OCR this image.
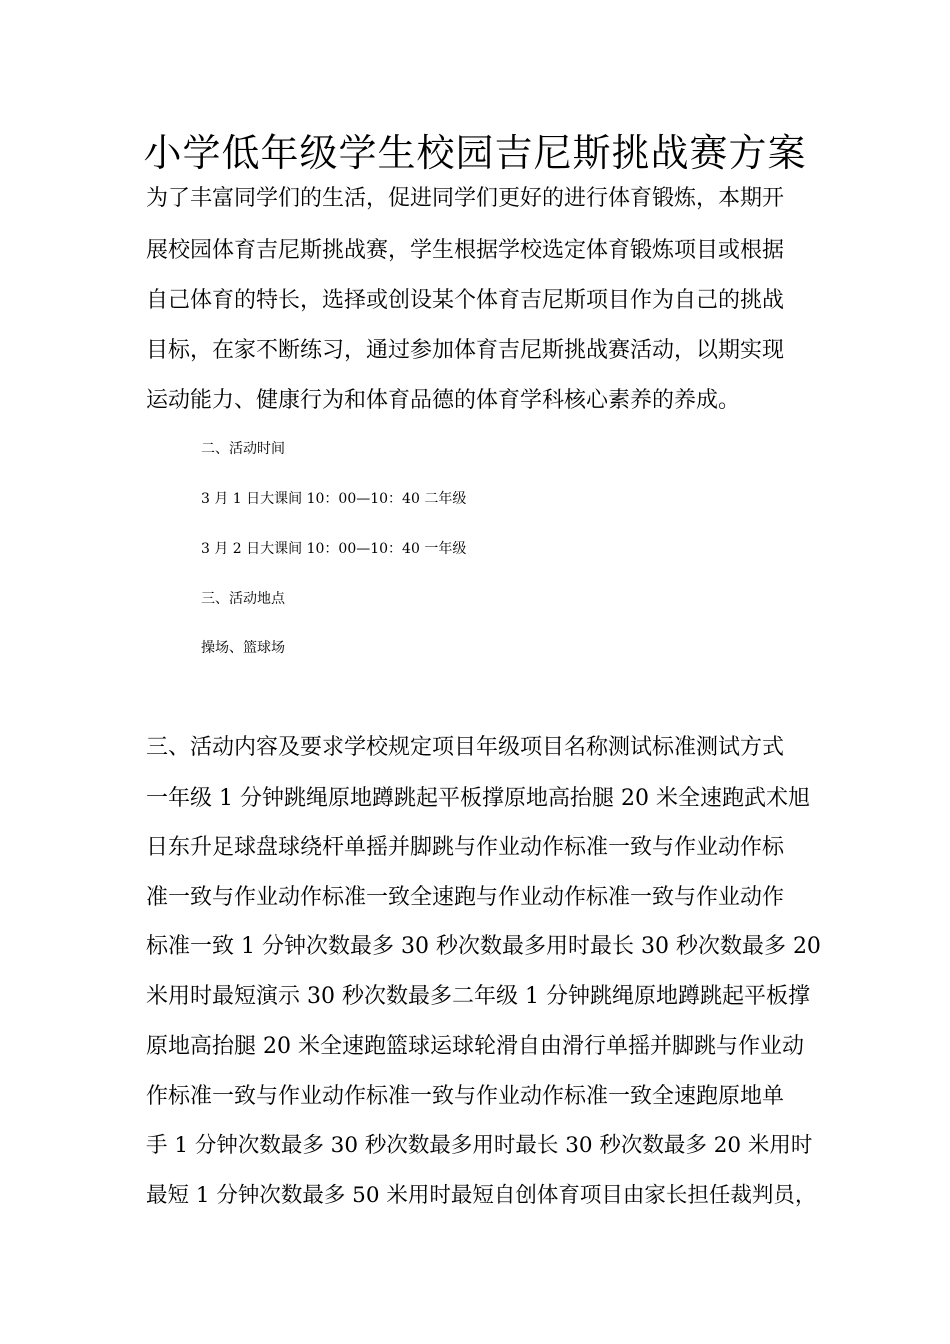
小学低年级学生校园吉尼斯挑战赛方案

为了丰富同学们的生活，促进同学们更好的进行体育锻炼，本期开

展校园体育吉尼斯挑战赛，学生根据学校选定体育锻炼项目或根据

自己体育的特长，选择或创设某个体育吉尼斯项目作为自己的挑战

目标，在家不断练习，通过参加体育吉尼斯挑战赛活动，以期实现

运动能力、健康行为和体育品德的体育学科核心素养的养成。

二、活动时间

3 月 1 日大课间 10：00—10：40 二年级

3 月 2 日大课间 10：00—10：40 一年级

三、活动地点

操场、篮球场

三、活动内容及要求学校规定项目年级项目名称测试标准测试方式

一年级 1 分钟跳绳原地蹲跳起平板撑原地高抬腿 20 米全速跑武术旭

日东升足球盘球绕杆单摇并脚跳与作业动作标准一致与作业动作标

准一致与作业动作标准一致全速跑与作业动作标准一致与作业动作

标准一致 1 分钟次数最多 30 秒次数最多用时最长 30 秒次数最多 20

米用时最短演示 30 秒次数最多二年级 1 分钟跳绳原地蹲跳起平板撑

原地高抬腿 20 米全速跑篮球运球轮滑自由滑行单摇并脚跳与作业动

作标准一致与作业动作标准一致与作业动作标准一致全速跑原地单

手 1 分钟次数最多 30 秒次数最多用时最长 30 秒次数最多 20 米用时

最短 1 分钟次数最多 50 米用时最短自创体育项目由家长担任裁判员，
